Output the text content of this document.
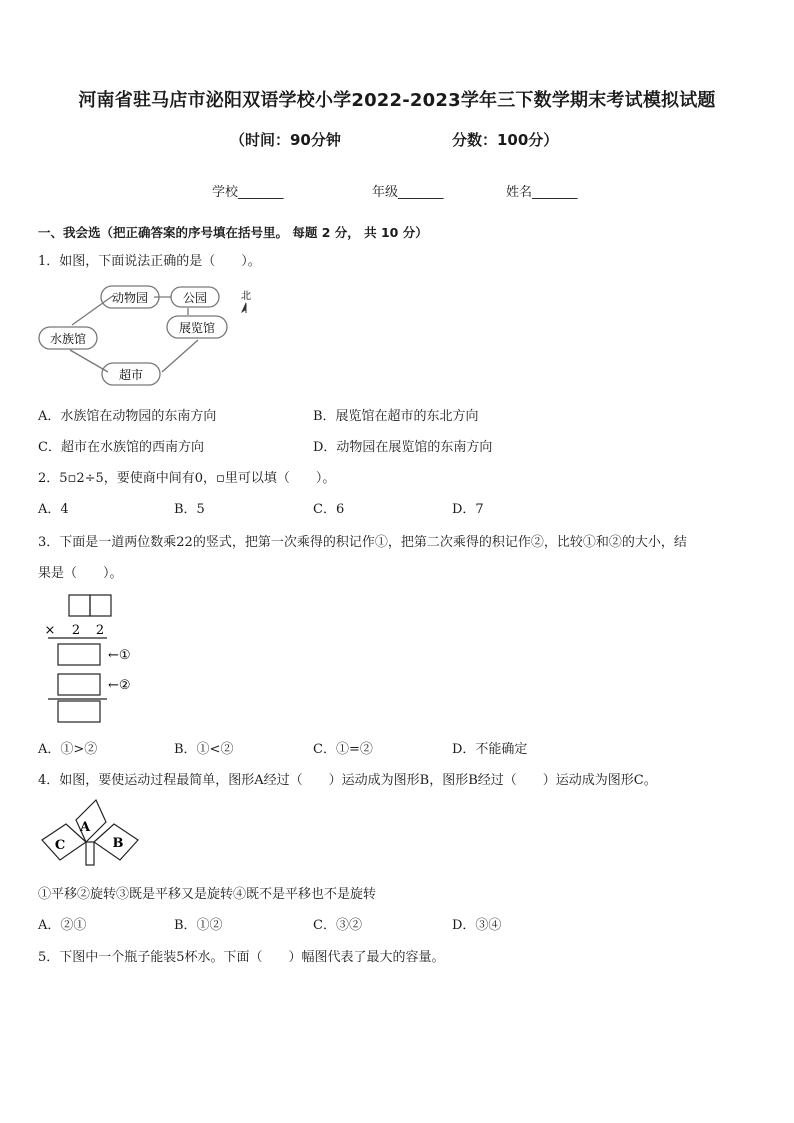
河南省驻马店市泌阳双语学校小学2022-2023学年三下数学期末考试模拟试题
（时间：90分钟	分数：100分）
学校_______	年级_______	姓名_______
一、我会选（把正确答案的序号填在括号里。 每题 2 分， 共 10 分）
1．如图，下面说法正确的是（　　）。
动物园	公园
展览馆
水族馆
超市
北
A．水族馆在动物园的东南方向	B．展览馆在超市的东北方向
C．超市在水族馆的西南方向	D．动物园在展览馆的东南方向
2．5▫2÷5，要使商中间有0，▫里可以填（　　）。
A．4	B．5	C．6	D．7
3．下面是一道两位数乘22的竖式，把第一次乘得的积记作①，把第二次乘得的积记作②，比较①和②的大小，结
果是（　　）。
× 2 2
←①
←②
A．①>②	B．①<②	C．①=②	D．不能确定
4．如图，要使运动过程最简单，图形A经过（　　）运动成为图形B，图形B经过（　　）运动成为图形C。
A
B
C
①平移②旋转③既是平移又是旋转④既不是平移也不是旋转
A．②①	B．①②	C．③②	D．③④
5．下图中一个瓶子能装5杯水。下面（　　）幅图代表了最大的容量。
